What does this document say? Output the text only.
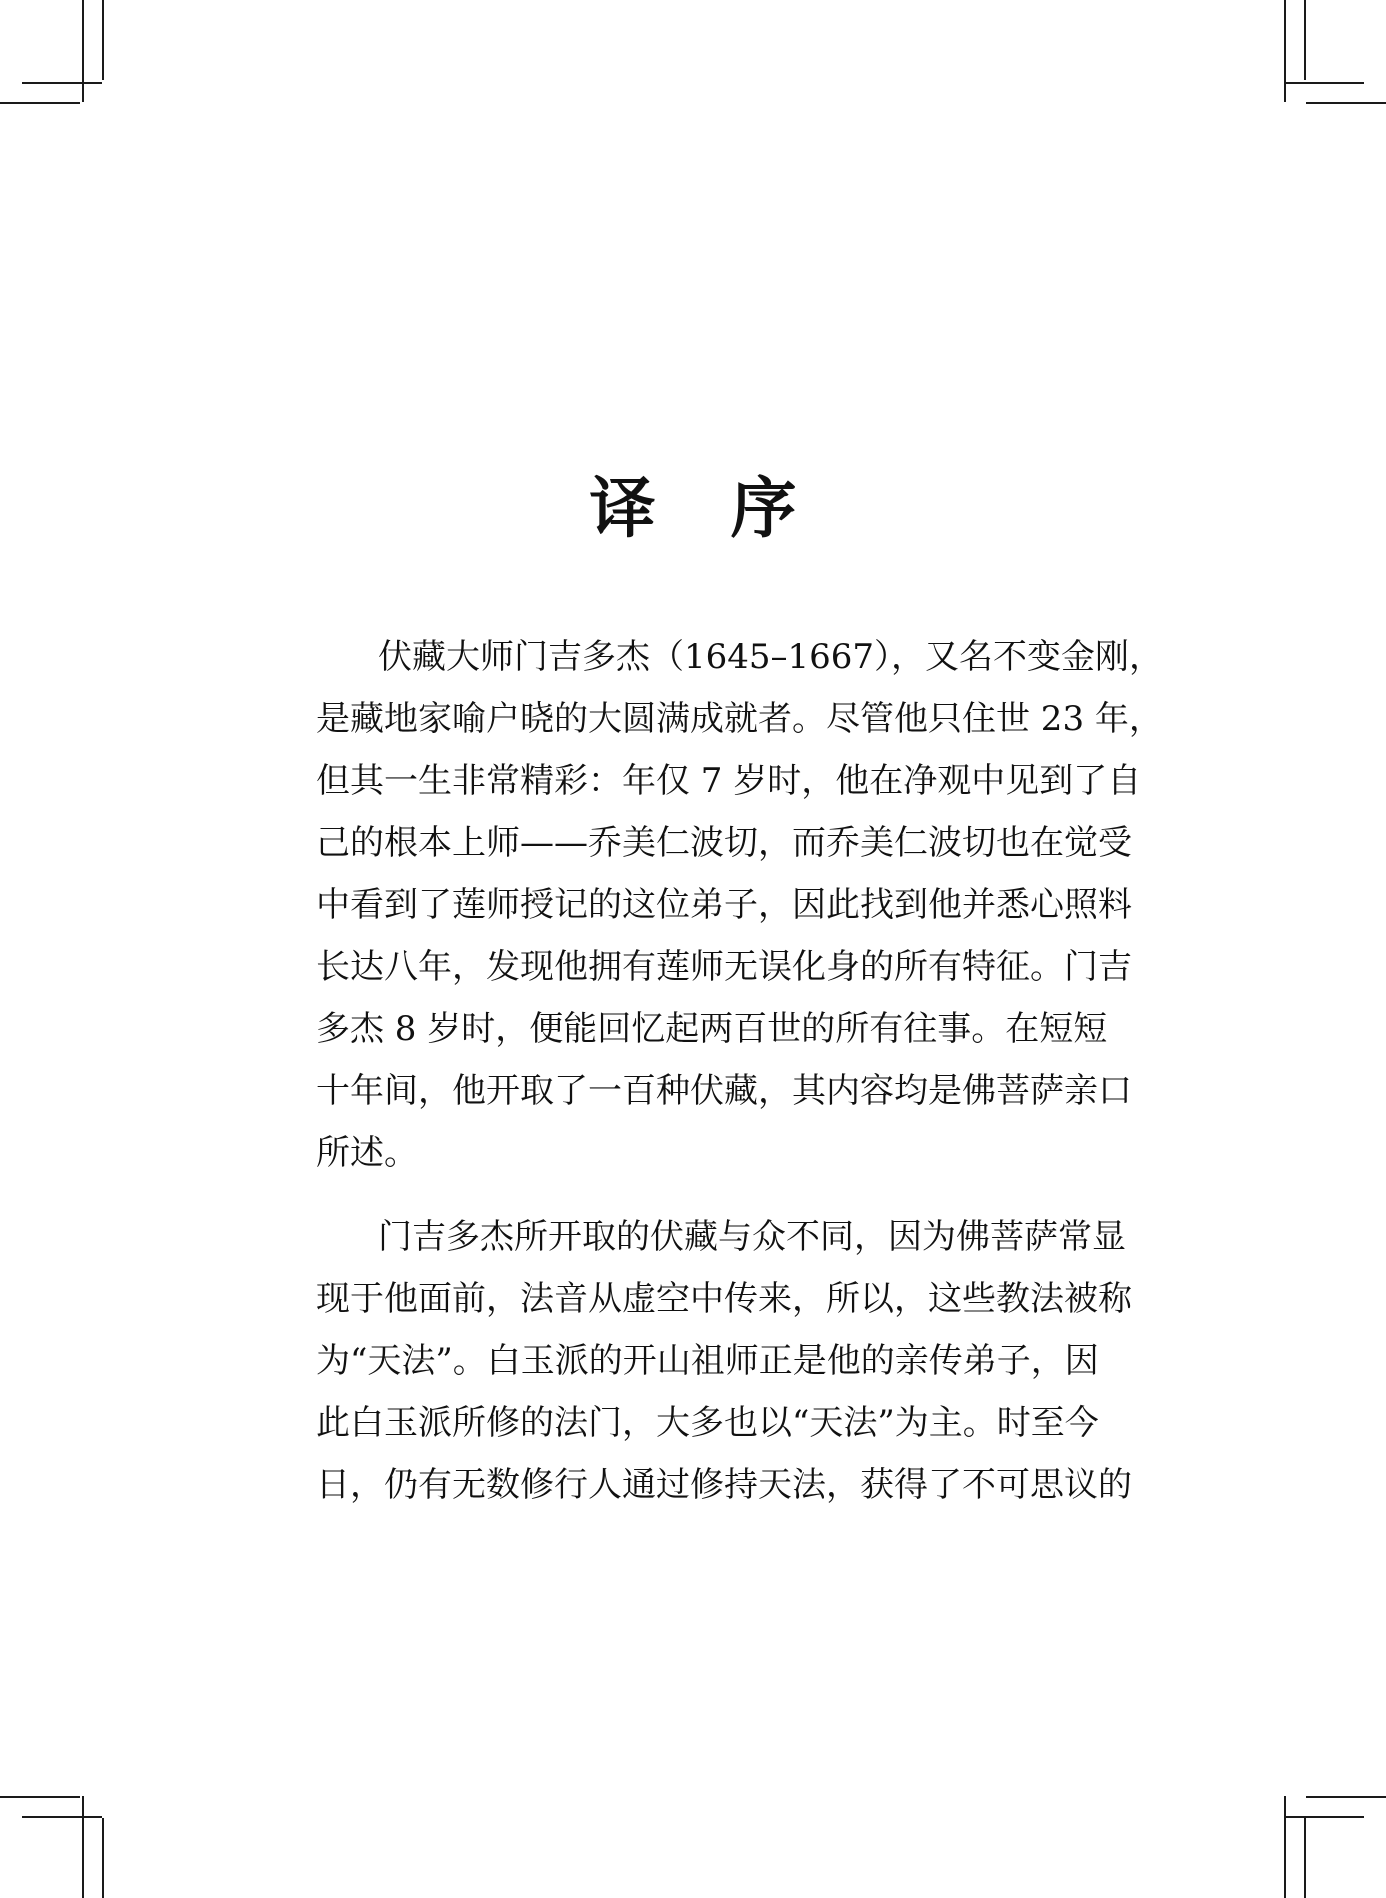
译 序
伏藏大师门吉多杰（1645–1667），又名不变金刚，
是藏地家喻户晓的大圆满成就者。尽管他只住世 23 年，
但其一生非常精彩：年仅 7 岁时，他在净观中见到了自
己的根本上师——乔美仁波切，而乔美仁波切也在觉受
中看到了莲师授记的这位弟子，因此找到他并悉心照料
长达八年，发现他拥有莲师无误化身的所有特征。门吉
多杰 8 岁时，便能回忆起两百世的所有往事。在短短
十年间，他开取了一百种伏藏，其内容均是佛菩萨亲口
所述。
门吉多杰所开取的伏藏与众不同，因为佛菩萨常显
现于他面前，法音从虚空中传来，所以，这些教法被称
为“天法”。白玉派的开山祖师正是他的亲传弟子，因
此白玉派所修的法门，大多也以“天法”为主。时至今
日，仍有无数修行人通过修持天法，获得了不可思议的
